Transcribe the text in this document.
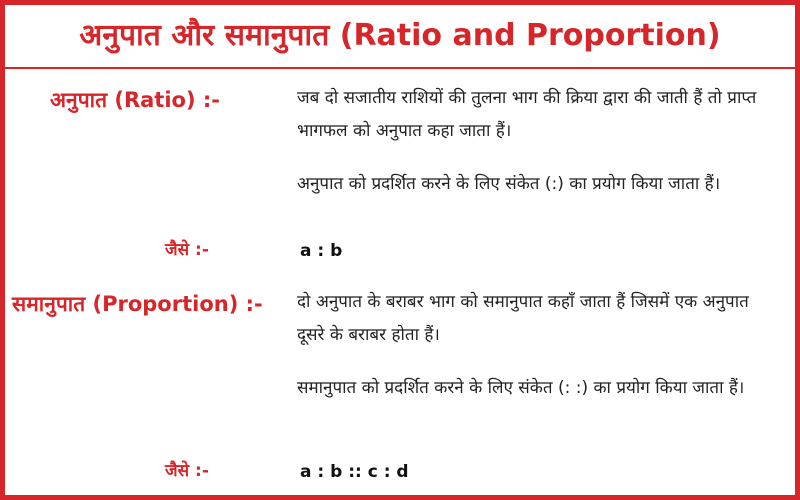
अनुपात और समानुपात (Ratio and Proportion)
अनुपात (Ratio) :-	जब दो सजातीय राशियों की तुलना भाग की क्रिया द्वारा की जाती हैं तो प्राप्त भागफल को अनुपात कहा जाता हैं।
अनुपात को प्रदर्शित करने के लिए संकेत (:) का प्रयोग किया जाता हैं।
जैसे :-	a : b
समानुपात (Proportion) :- दो अनुपात के बराबर भाग को समानुपात कहाँ जाता हैं जिसमें एक अनुपात दूसरे के बराबर होता हैं।
समानुपात को प्रदर्शित करने के लिए संकेत (: :) का प्रयोग किया जाता हैं।
जैसे :-	a : b :: c : d
